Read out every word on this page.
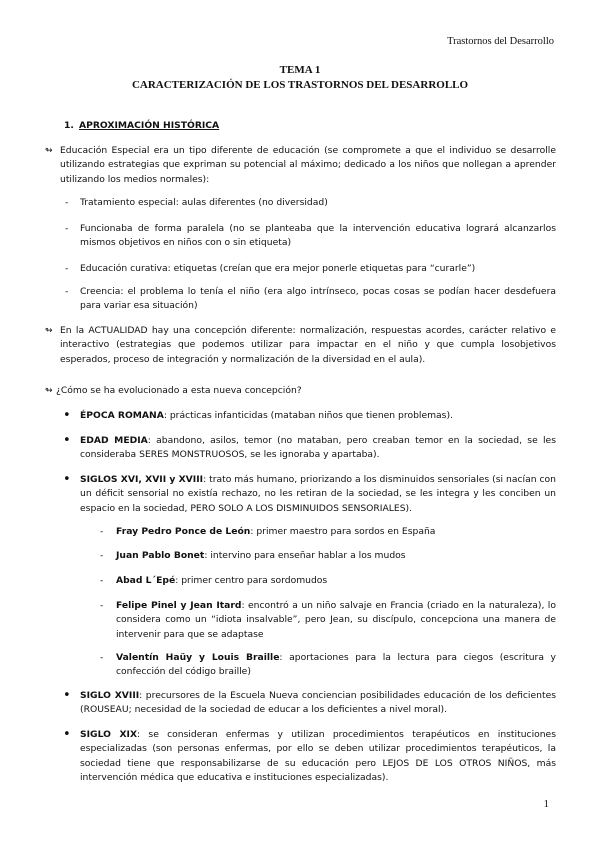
Trastornos del Desarrollo
TEMA 1
CARACTERIZACIÓN DE LOS TRASTORNOS DEL DESARROLLO
1. APROXIMACIÓN HISTÓRICA
↬ Educación Especial era un tipo diferente de educación (se compromete a que el individuo se desarrolle utilizando estrategias que expriman su potencial al máximo; dedicado a los niños que nollegan a aprender utilizando los medios normales):
- Tratamiento especial: aulas diferentes (no diversidad)
- Funcionaba de forma paralela (no se planteaba que la intervención educativa logrará alcanzarlos mismos objetivos en niños con o sin etiqueta)
- Educación curativa: etiquetas (creían que era mejor ponerle etiquetas para “curarle”)
- Creencia: el problema lo tenía el niño (era algo intrínseco, pocas cosas se podían hacer desdefuera para variar esa situación)
↬ En la ACTUALIDAD hay una concepción diferente: normalización, respuestas acordes, carácter relativo e interactivo (estrategias que podemos utilizar para impactar en el niño y que cumpla losobjetivos esperados, proceso de integración y normalización de la diversidad en el aula).
↬ ¿Cómo se ha evolucionado a esta nueva concepción?
• ÉPOCA ROMANA: prácticas infanticidas (mataban niños que tienen problemas).
• EDAD MEDIA: abandono, asilos, temor (no mataban, pero creaban temor en la sociedad, se les consideraba SERES MONSTRUOSOS, se les ignoraba y apartaba).
• SIGLOS XVI, XVII y XVIII: trato más humano, priorizando a los disminuidos sensoriales (si nacían con un déficit sensorial no existía rechazo, no les retiran de la sociedad, se les integra y les conciben un espacio en la sociedad, PERO SOLO A LOS DISMINUIDOS SENSORIALES).
- Fray Pedro Ponce de León: primer maestro para sordos en España
- Juan Pablo Bonet: intervino para enseñar hablar a los mudos
- Abad L´Epé: primer centro para sordomudos
- Felipe Pinel y Jean Itard: encontró a un niño salvaje en Francia (criado en la naturaleza), lo considera como un “idiota insalvable”, pero Jean, su discípulo, concepciona una manera de intervenir para que se adaptase
- Valentín Haüy y Louis Braille: aportaciones para la lectura para ciegos (escritura y confección del código braille)
• SIGLO XVIII: precursores de la Escuela Nueva conciencian posibilidades educación de los deficientes (ROUSEAU; necesidad de la sociedad de educar a los deficientes a nivel moral).
• SIGLO XIX: se consideran enfermas y utilizan procedimientos terapéuticos en instituciones especializadas (son personas enfermas, por ello se deben utilizar procedimientos terapéuticos, la sociedad tiene que responsabilizarse de su educación pero LEJOS DE LOS OTROS NIÑOS, más intervención médica que educativa e instituciones especializadas).
1
